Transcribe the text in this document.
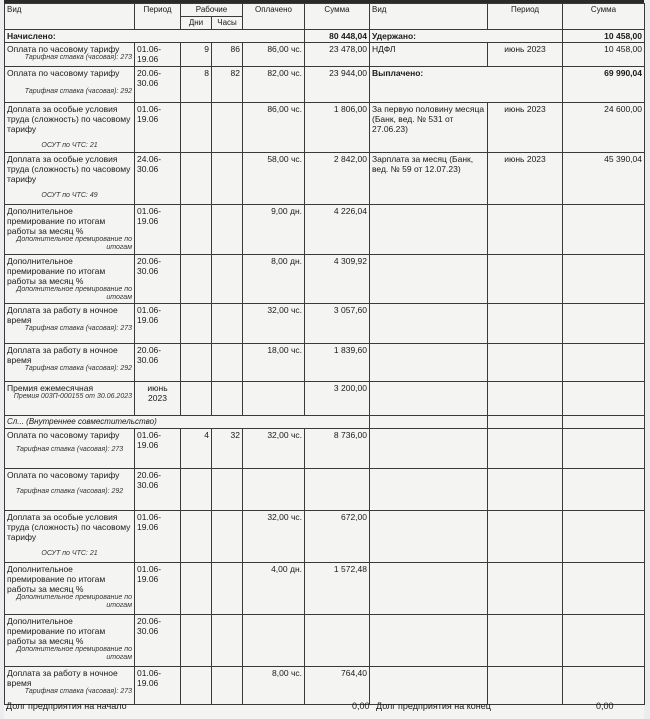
Вид	Период	Рабочие		Оплачено	Сумма	Вид	Период	Сумма
		Дни	Часы					
Начислено:					80 448,04	Удержано:		10 458,00

Оплата по часовому тарифу
Тарифная ставка (часовая): 273	01.06-19.06	9	86	86,00 чс.	23 478,00	НДФЛ	июнь 2023	10 458,00

Оплата по часовому тарифу
Тарифная ставка (часовая): 292	20.06-30.06	8	82	82,00 чс.	23 944,00	Выплачено:		69 990,04

Доплата за особые условия труда (сложность) по часовому тарифу
ОСУТ по ЧТС: 21	01.06-19.06			86,00 чс.	1 806,00	За первую половину месяца (Банк, вед. № 531 от 27.06.23)	июнь 2023	24 600,00

Доплата за особые условия труда (сложность) по часовому тарифу
ОСУТ по ЧТС: 49	24.06-30.06			58,00 чс.	2 842,00	Зарплата за месяц (Банк, вед. № 59 от 12.07.23)	июнь 2023	45 390,04

Дополнительное премирование по итогам работы за месяц %
Дополнительное премирование по итогам	01.06-19.06			9,00 дн.	4 226,04			

Дополнительное премирование по итогам работы за месяц %
Дополнительное премирование по итогам	20.06-30.06			8,00 дн.	4 309,92			

Доплата за работу в ночное время
Тарифная ставка (часовая): 273	01.06-19.06			32,00 чс.	3 057,60			

Доплата за работу в ночное время
Тарифная ставка (часовая): 292	20.06-30.06			18,00 чс.	1 839,60			

Премия ежемесячная
Премия 003П-000155 от 30.06.2023	июнь 2023				3 200,00			
Сл... (Внутреннее совместительство)								

Оплата по часовому тарифу
Тарифная ставка (часовая): 273	01.06-19.06	4	32	32,00 чс.	8 736,00			

Оплата по часовому тарифу
Тарифная ставка (часовая): 292	20.06-30.06							

Доплата за особые условия труда (сложность) по часовому тарифу
ОСУТ по ЧТС: 21	01.06-19.06			32,00 чс.	672,00			

Дополнительное премирование по итогам работы за месяц %
Дополнительное премирование по итогам	01.06-19.06			4,00 дн.	1 572,48			

Дополнительное премирование по итогам работы за месяц %
Дополнительное премирование по итогам	20.06-30.06							

Доплата за работу в ночное время
Тарифная ставка (часовая): 273	01.06-19.06			8,00 чс.	764,40			
Долг предприятия на начало	0,00 Долг предприятия на конец	0,00
